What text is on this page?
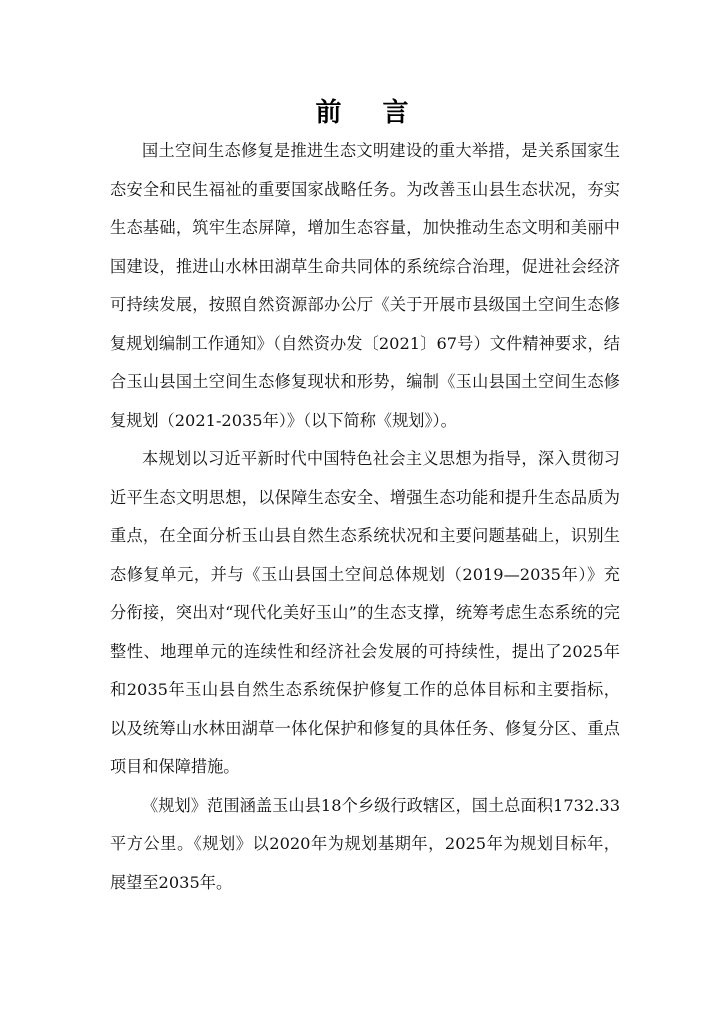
前 言

国土空间生态修复是推进生态文明建设的重大举措，是关系国家生态安全和民生福祉的重要国家战略任务。为改善玉山县生态状况，夯实生态基础，筑牢生态屏障，增加生态容量，加快推动生态文明和美丽中国建设，推进山水林田湖草生命共同体的系统综合治理，促进社会经济可持续发展，按照自然资源部办公厅《关于开展市县级国土空间生态修复规划编制工作通知》（自然资办发〔2021〕67号）文件精神要求，结合玉山县国土空间生态修复现状和形势，编制《玉山县国土空间生态修复规划（2021-2035年）》（以下简称《规划》）。

本规划以习近平新时代中国特色社会主义思想为指导，深入贯彻习近平生态文明思想，以保障生态安全、增强生态功能和提升生态品质为重点，在全面分析玉山县自然生态系统状况和主要问题基础上，识别生态修复单元，并与《玉山县国土空间总体规划（2019—2035年）》充分衔接，突出对“现代化美好玉山”的生态支撑，统筹考虑生态系统的完整性、地理单元的连续性和经济社会发展的可持续性，提出了2025年和2035年玉山县自然生态系统保护修复工作的总体目标和主要指标，以及统筹山水林田湖草一体化保护和修复的具体任务、修复分区、重点项目和保障措施。

《规划》范围涵盖玉山县18个乡级行政辖区，国土总面积1732.33平方公里。《规划》以2020年为规划基期年，2025年为规划目标年，展望至2035年。
